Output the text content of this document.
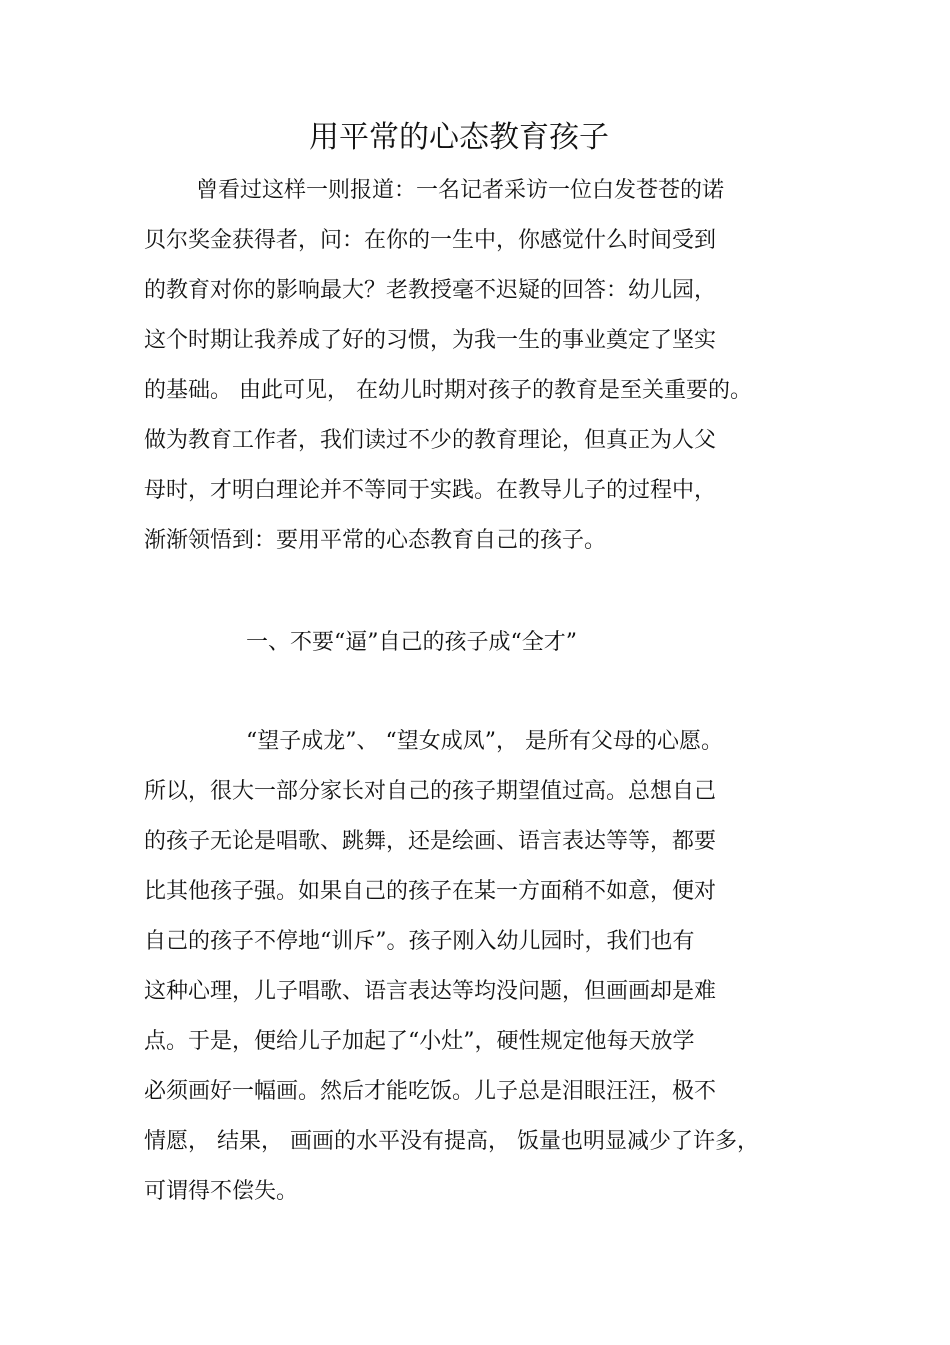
用平常的心态教育孩子
曾看过这样一则报道：一名记者采访一位白发苍苍的诺
贝尔奖金获得者，问：在你的一生中，你感觉什么时间受到
的教育对你的影响最大？老教授毫不迟疑的回答：幼儿园，
这个时期让我养成了好的习惯，为我一生的事业奠定了坚实
的基础。 由此可见， 在幼儿时期对孩子的教育是至关重要的。
做为教育工作者，我们读过不少的教育理论，但真正为人父
母时，才明白理论并不等同于实践。在教导儿子的过程中，
渐渐领悟到：要用平常的心态教育自己的孩子。
一、不要“逼”自己的孩子成“全才”
“望子成龙”、 “望女成凤”， 是所有父母的心愿。
所以，很大一部分家长对自己的孩子期望值过高。总想自己
的孩子无论是唱歌、跳舞，还是绘画、语言表达等等，都要
比其他孩子强。如果自己的孩子在某一方面稍不如意，便对
自己的孩子不停地“训斥”。孩子刚入幼儿园时，我们也有
这种心理，儿子唱歌、语言表达等均没问题，但画画却是难
点。于是，便给儿子加起了“小灶”，硬性规定他每天放学
必须画好一幅画。然后才能吃饭。儿子总是泪眼汪汪，极不
情愿， 结果， 画画的水平没有提高， 饭量也明显减少了许多，
可谓得不偿失。
